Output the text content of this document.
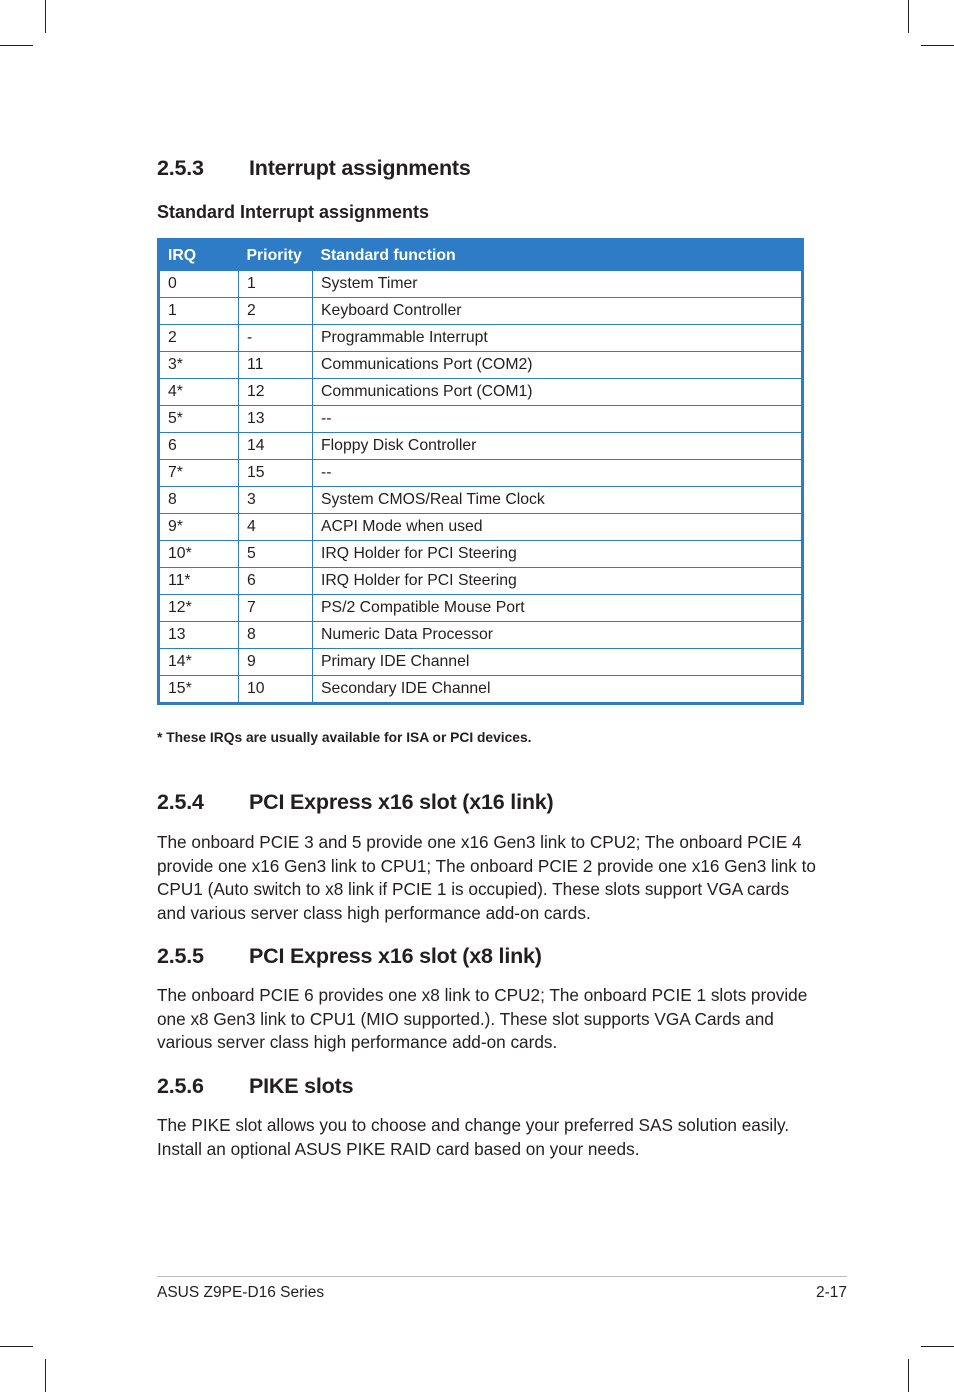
2.5.3 Interrupt assignments
Standard Interrupt assignments
IRQ	Priority	Standard function
0	1	System Timer
1	2	Keyboard Controller
2	-	Programmable Interrupt
3*	11	Communications Port (COM2)
4*	12	Communications Port (COM1)
5*	13	--
6	14	Floppy Disk Controller
7*	15	--
8	3	System CMOS/Real Time Clock
9*	4	ACPI Mode when used
10*	5	IRQ Holder for PCI Steering
11*	6	IRQ Holder for PCI Steering
12*	7	PS/2 Compatible Mouse Port
13	8	Numeric Data Processor
14*	9	Primary IDE Channel
15*	10	Secondary IDE Channel

* These IRQs are usually available for ISA or PCI devices.

2.5.4 PCI Express x16 slot (x16 link)

The onboard PCIE 3 and 5 provide one x16 Gen3 link to CPU2; The onboard PCIE 4 provide one x16 Gen3 link to CPU1; The onboard PCIE 2 provide one x16 Gen3 link to CPU1 (Auto switch to x8 link if PCIE 1 is occupied). These slots support VGA cards and various server class high performance add-on cards.

2.5.5 PCI Express x16 slot (x8 link)

The onboard PCIE 6 provides one x8 link to CPU2; The onboard PCIE 1 slots provide one x8 Gen3 link to CPU1 (MIO supported.). These slot supports VGA Cards and various server class high performance add-on cards.

2.5.6 PIKE slots

The PIKE slot allows you to choose and change your preferred SAS solution easily. Install an optional ASUS PIKE RAID card based on your needs.

ASUS Z9PE-D16 Series	2-17
